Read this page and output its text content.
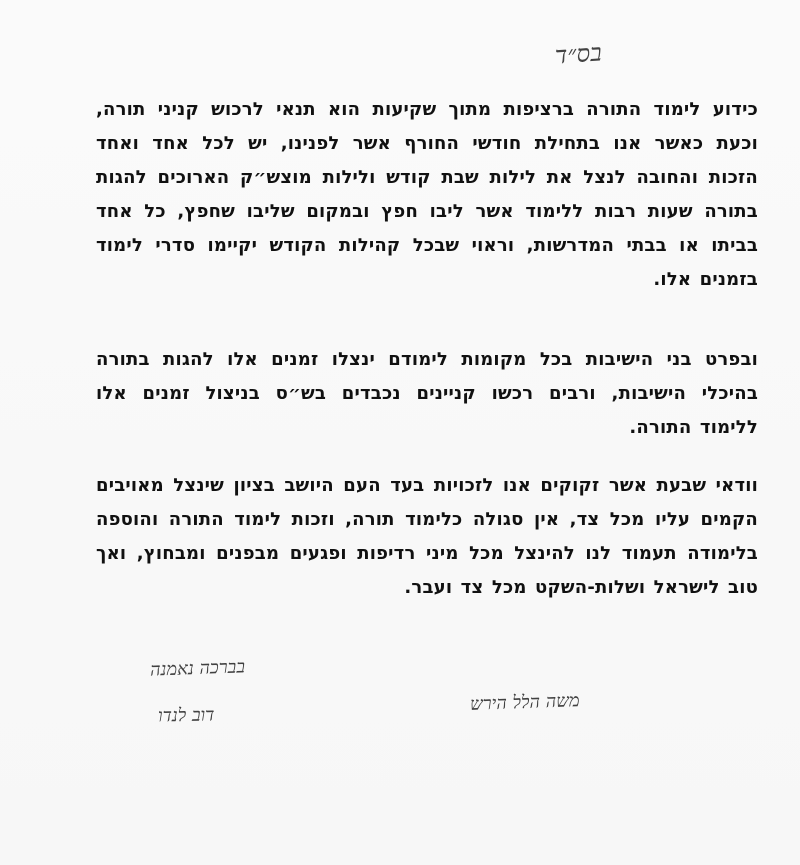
בס״ד

כידוע לימוד התורה ברציפות מתוך שקיעות הוא תנאי לרכוש קניני תורה, וכעת כאשר אנו בתחילת חודשי החורף אשר לפנינו, יש לכל אחד ואחד הזכות והחובה לנצל את לילות שבת קודש ולילות מוצש״ק הארוכים להגות בתורה שעות רבות ללימוד אשר ליבו חפץ ובמקום שליבו שחפץ, כל אחד בביתו או בבתי המדרשות, וראוי שבכל קהילות הקודש יקיימו סדרי לימוד בזמנים אלו.

ובפרט בני הישיבות בכל מקומות לימודם ינצלו זמנים אלו להגות בתורה בהיכלי הישיבות, ורבים רכשו קניינים נכבדים בש״ס בניצול זמנים אלו ללימוד התורה.

וודאי שבעת אשר זקוקים אנו לזכויות בעד העם היושב בציון שינצל מאויבים הקמים עליו מכל צד, אין סגולה כלימוד תורה, וזכות לימוד התורה והוספה בלימודה תעמוד לנו להינצל מכל מיני רדיפות ופגעים מבפנים ומבחוץ, ואך טוב לישראל ושלות-השקט מכל צד ועבר.

בברכה נאמנה
דוב לנדו
משה הלל הירש
